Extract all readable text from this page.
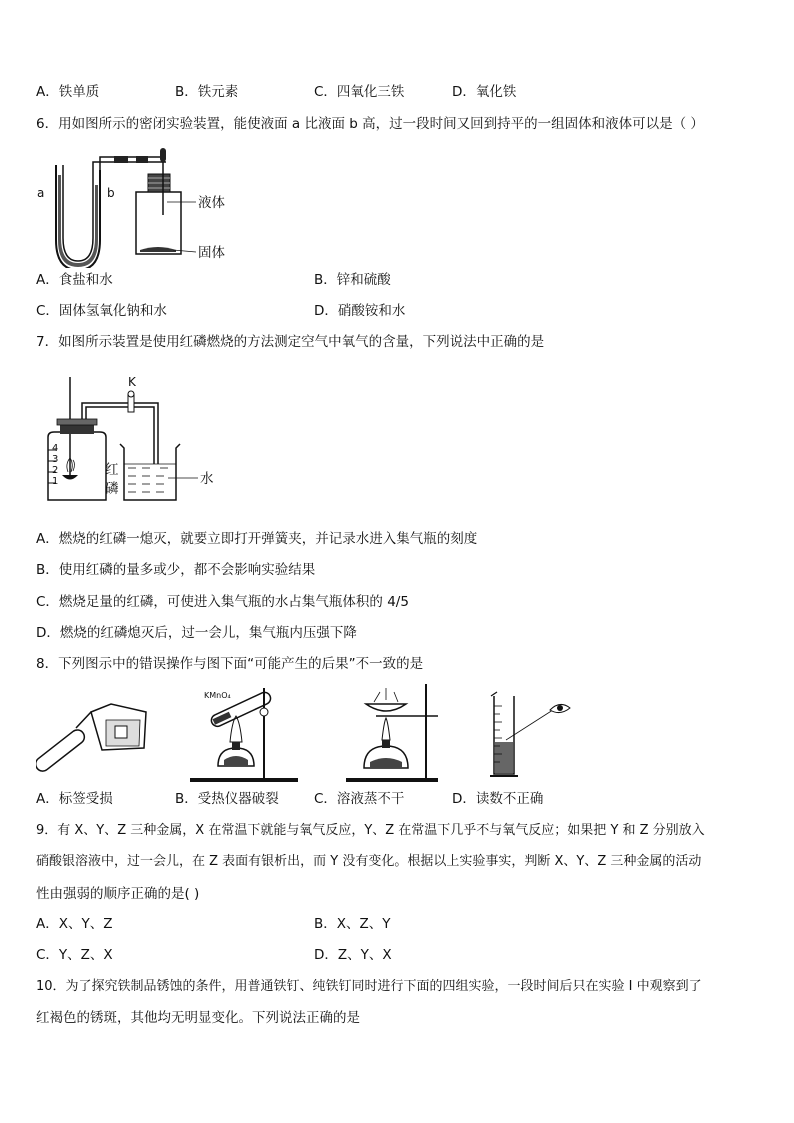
A．铁单质	B．铁元素	C．四氧化三铁	D．氧化铁
6．用如图所示的密闭实验装置，能使液面 a 比液面 b 高，过一段时间又回到持平的一组固体和液体可以是（ ）
a	b
液体
固体
A．食盐和水	B．锌和硫酸
C．固体氢氧化钠和水	D．硝酸铵和水
7．如图所示装置是使用红磷燃烧的方法测定空气中氧气的含量，下列说法中正确的是
K
4
3
2
1
红
磷
水
A．燃烧的红磷一熄灭，就要立即打开弹簧夹，并记录水进入集气瓶的刻度
B．使用红磷的量多或少，都不会影响实验结果
C．燃烧足量的红磷，可使进入集气瓶的水占集气瓶体积的 4/5
D．燃烧的红磷熄灭后，过一会儿，集气瓶内压强下降
8．下列图示中的错误操作与图下面“可能产生的后果”不一致的是
KMnO₄
A．标签受损	B．受热仪器破裂	C．溶液蒸不干	D．读数不正确
9．有 X、Y、Z 三种金属，X 在常温下就能与氧气反应，Y、Z 在常温下几乎不与氧气反应；如果把 Y 和 Z 分别放入
硝酸银溶液中，过一会儿，在 Z 表面有银析出，而 Y 没有变化。根据以上实验事实，判断 X、Y、Z 三种金属的活动
性由强弱的顺序正确的是( )
A．X、Y、Z	B．X、Z、Y
C．Y、Z、X	D．Z、Y、X
10．为了探究铁制品锈蚀的条件，用普通铁钉、纯铁钉同时进行下面的四组实验，一段时间后只在实验 I 中观察到了
红褐色的锈斑，其他均无明显变化。下列说法正确的是
